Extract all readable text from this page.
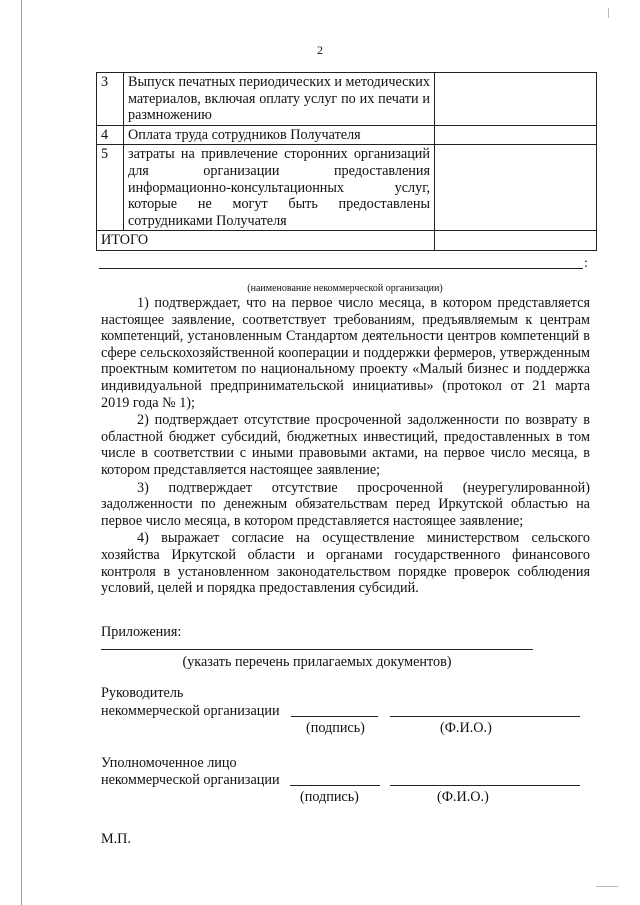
2
3	Выпуск печатных периодических и методических материалов, включая оплату услуг по их печати и размножению	
4	Оплата труда сотрудников Получателя	
5	затраты на привлечение сторонних организаций для организации предоставления информационно-консультационных услуг, которые не могут быть предоставлены сотрудниками Получателя	
ИТОГО		
:
(наименование некоммерческой организации)

1) подтверждает, что на первое число месяца, в котором представляется настоящее заявление, соответствует требованиям, предъявляемым к центрам компетенций, установленным Стандартом деятельности центров компетенций в сфере сельскохозяйственной кооперации и поддержки фермеров, утвержденным проектным комитетом по национальному проекту «Малый бизнес и поддержка индивидуальной предпринимательской инициативы» (протокол от 21 марта 2019 года № 1);

2) подтверждает отсутствие просроченной задолженности по возврату в областной бюджет субсидий, бюджетных инвестиций, предоставленных в том числе в соответствии с иными правовыми актами, на первое число месяца, в котором представляется настоящее заявление;

3) подтверждает отсутствие просроченной (неурегулированной) задолженности по денежным обязательствам перед Иркутской областью на первое число месяца, в котором представляется настоящее заявление;

4) выражает согласие на осуществление министерством сельского хозяйства Иркутской области и органами государственного финансового контроля в установленном законодательством порядке проверок соблюдения условий, целей и порядка предоставления субсидий.

Приложения:
(указать перечень прилагаемых документов)
Руководитель
некоммерческой организации
(подпись)	(Ф.И.О.)
Уполномоченное лицо
некоммерческой организации
(подпись)	(Ф.И.О.)
М.П.
